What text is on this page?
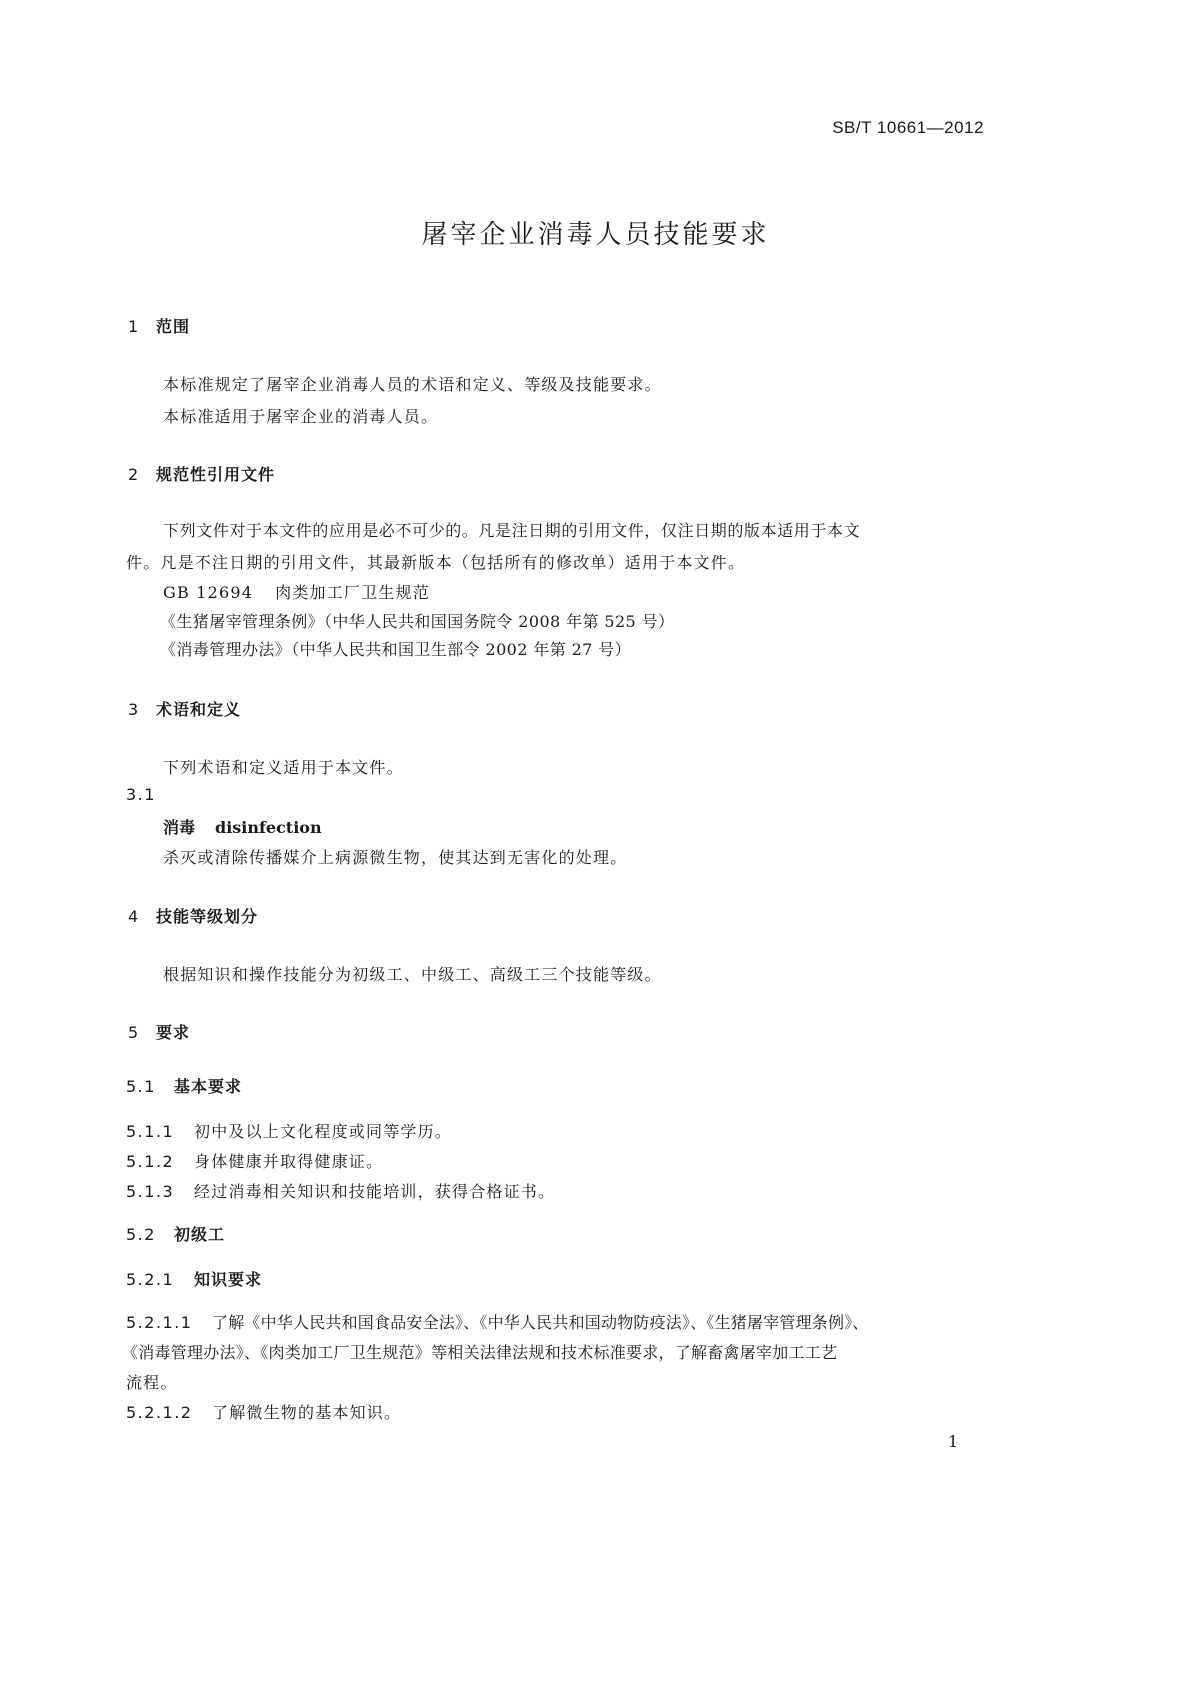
SB/T 10661—2012
屠宰企业消毒人员技能要求
1 范围
本标准规定了屠宰企业消毒人员的术语和定义、等级及技能要求。
本标准适用于屠宰企业的消毒人员。
2 规范性引用文件
下列文件对于本文件的应用是必不可少的。凡是注日期的引用文件，仅注日期的版本适用于本文
件。凡是不注日期的引用文件，其最新版本（包括所有的修改单）适用于本文件。
GB 12694 肉类加工厂卫生规范
《生猪屠宰管理条例》（中华人民共和国国务院令 2008 年第 525 号）
《消毒管理办法》（中华人民共和国卫生部令 2002 年第 27 号）
3 术语和定义
下列术语和定义适用于本文件。
3.1
消毒 disinfection
杀灭或清除传播媒介上病源微生物，使其达到无害化的处理。
4 技能等级划分
根据知识和操作技能分为初级工、中级工、高级工三个技能等级。
5 要求
5.1 基本要求
5.1.1 初中及以上文化程度或同等学历。
5.1.2 身体健康并取得健康证。
5.1.3 经过消毒相关知识和技能培训，获得合格证书。
5.2 初级工
5.2.1 知识要求
5.2.1.1 了解《中华人民共和国食品安全法》、《中华人民共和国动物防疫法》、《生猪屠宰管理条例》、
《消毒管理办法》、《肉类加工厂卫生规范》等相关法律法规和技术标准要求，了解畜禽屠宰加工工艺
流程。
5.2.1.2 了解微生物的基本知识。
1
